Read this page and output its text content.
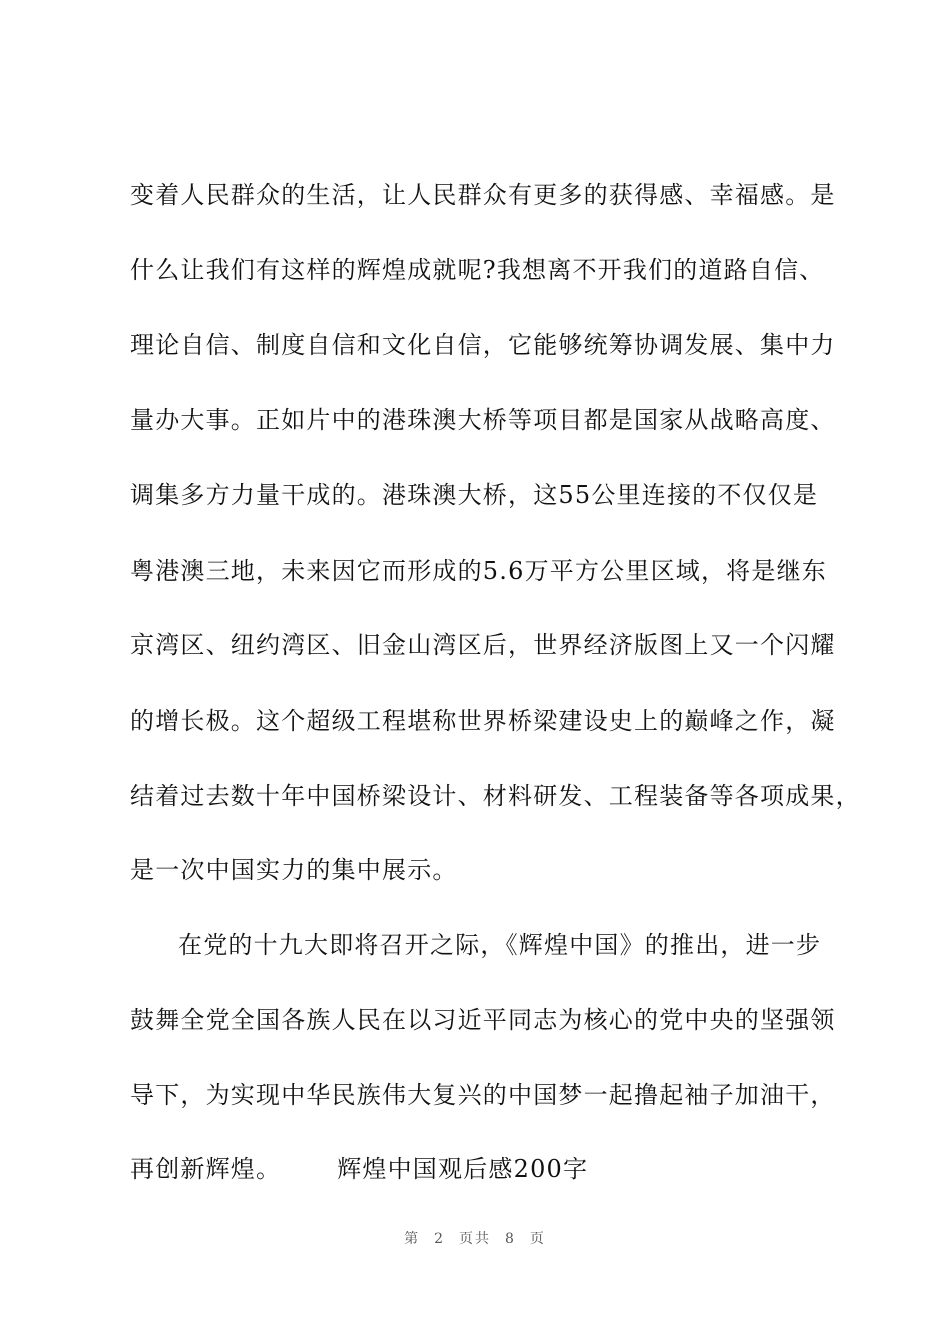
变着人民群众的生活，让人民群众有更多的获得感、幸福感。是
什么让我们有这样的辉煌成就呢?我想离不开我们的道路自信、
理论自信、制度自信和文化自信，它能够统筹协调发展、集中力
量办大事。正如片中的港珠澳大桥等项目都是国家从战略高度、
调集多方力量干成的。港珠澳大桥，这55公里连接的不仅仅是
粤港澳三地，未来因它而形成的5.6万平方公里区域，将是继东
京湾区、纽约湾区、旧金山湾区后，世界经济版图上又一个闪耀
的增长极。这个超级工程堪称世界桥梁建设史上的巅峰之作，凝
结着过去数十年中国桥梁设计、材料研发、工程装备等各项成果，
是一次中国实力的集中展示。
在党的十九大即将召开之际，《辉煌中国》的推出，进一步
鼓舞全党全国各族人民在以习近平同志为核心的党中央的坚强领
导下，为实现中华民族伟大复兴的中国梦一起撸起袖子加油干，
再创新辉煌。 辉煌中国观后感200字
第 2 页共 8 页
